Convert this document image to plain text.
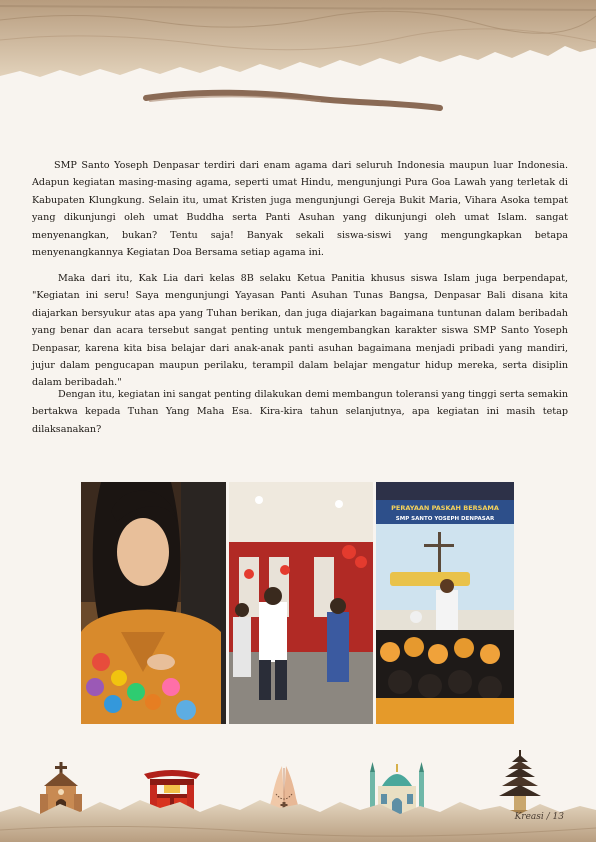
SMP Santo Yoseph Denpasar terdiri dari enam agama dari seluruh Indonesia maupun luar Indonesia. Adapun kegiatan masing-masing agama, seperti umat Hindu, mengunjungi Pura Goa Lawah yang terletak di Kabupaten Klungkung. Selain itu, umat Kristen juga mengunjungi Gereja Bukit Maria, Vihara Asoka tempat yang dikunjungi oleh umat Buddha serta Panti Asuhan yang dikunjungi oleh umat Islam. sangat menyenangkan, bukan? Tentu saja! Banyak sekali siswa-siswi yang mengungkapkan betapa menyenangkannya Kegiatan Doa Bersama setiap agama ini.

Maka dari itu, Kak Lia dari kelas 8B selaku Ketua Panitia khusus siswa Islam juga berpendapat, "Kegiatan ini seru! Saya mengunjungi Yayasan Panti Asuhan Tunas Bangsa, Denpasar Bali disana kita diajarkan bersyukur atas apa yang Tuhan berikan, dan juga diajarkan bagaimana tuntunan dalam beribadah yang benar dan acara tersebut sangat penting untuk mengembangkan karakter siswa SMP Santo Yoseph Denpasar, karena kita bisa belajar dari anak-anak panti asuhan bagaimana menjadi pribadi yang mandiri, jujur dalam pengucapan maupun perilaku, terampil dalam belajar mengatur hidup mereka, serta disiplin dalam beribadah."

Dengan itu, kegiatan ini sangat penting dilakukan demi membangun toleransi yang tinggi serta semakin bertakwa kepada Tuhan Yang Maha Esa. Kira-kira tahun selanjutnya, apa kegiatan ini masih tetap dilaksanakan?

PERAYAAN PASKAH BERSAMA
SMP SANTO YOSEPH DENPASAR
Kreasi / 13
